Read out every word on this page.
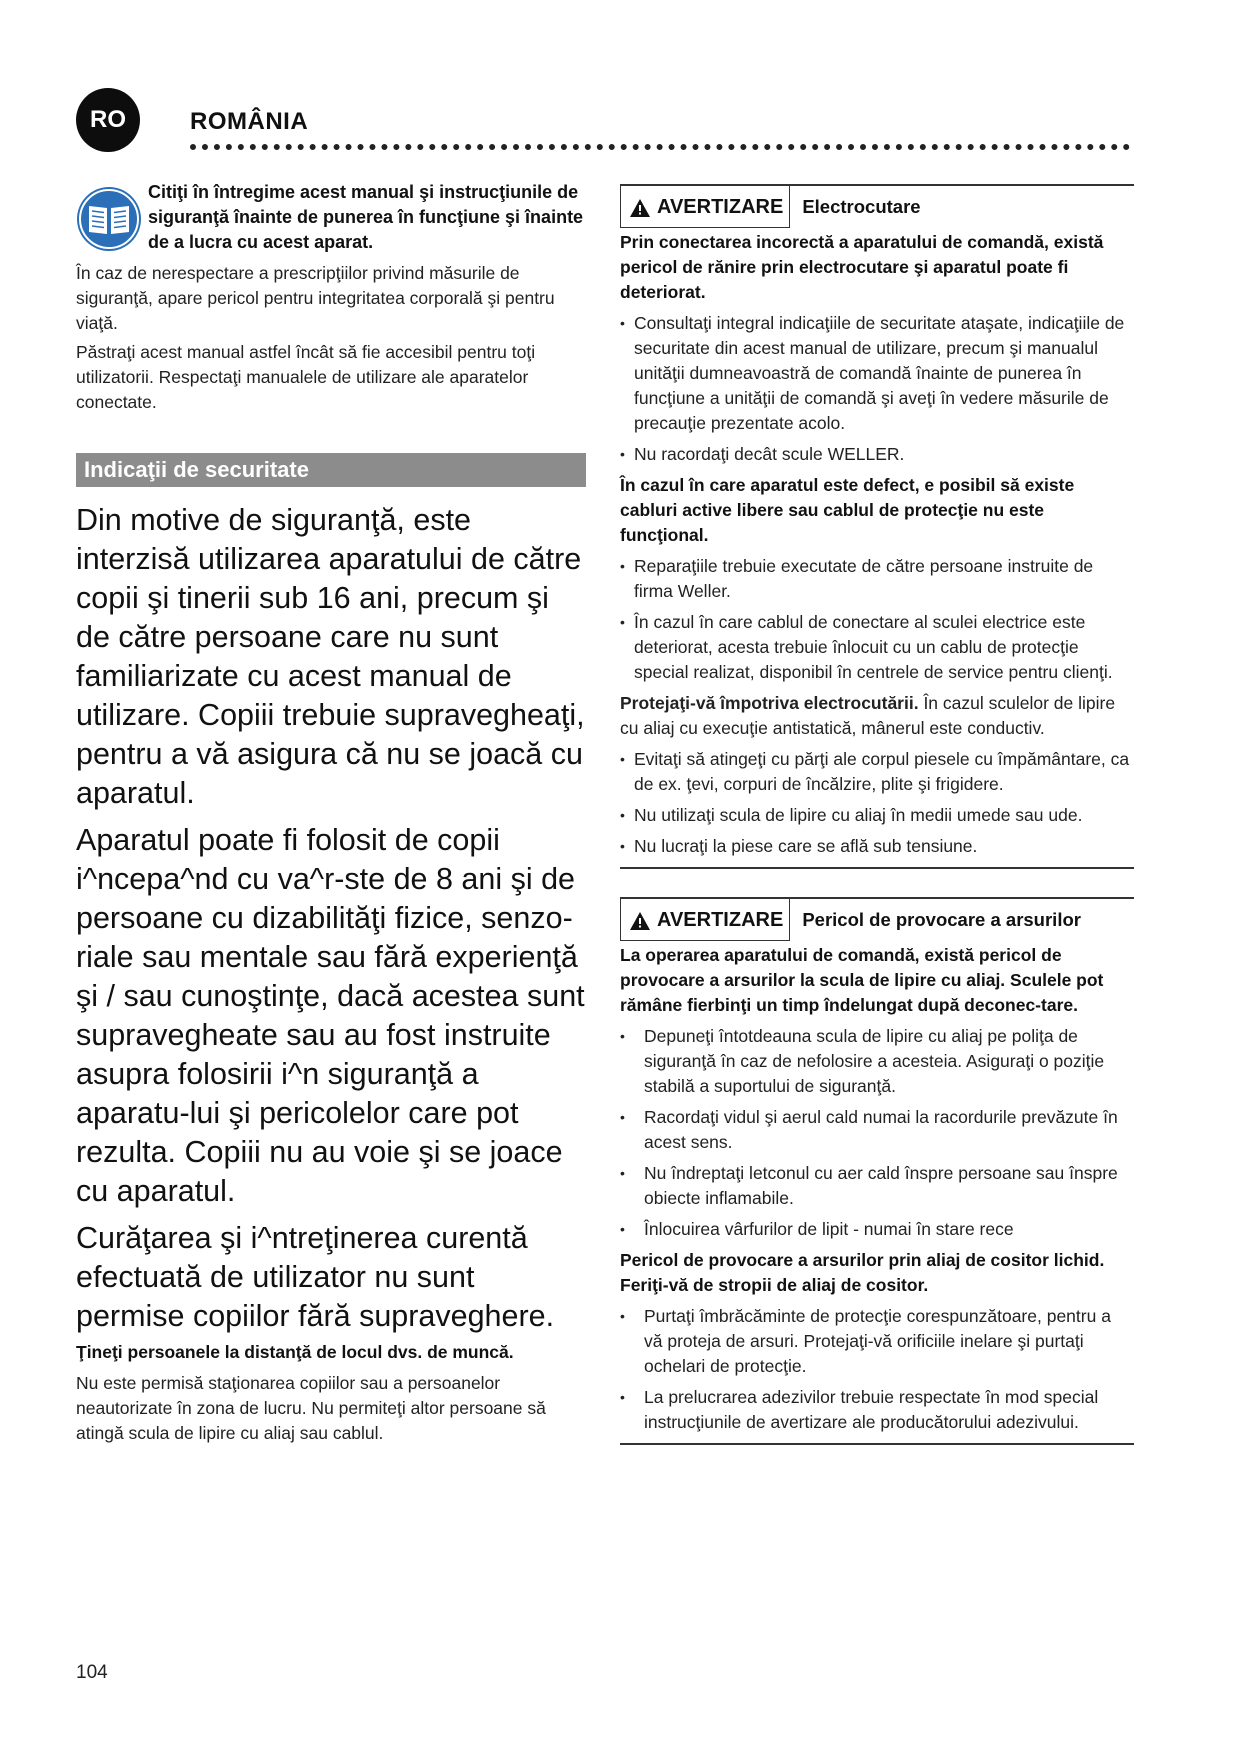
RO	ROMÂNIA
Citiţi în întregime acest manual şi instrucţiunile de siguranţă înainte de punerea în funcţiune şi înainte de a lucra cu acest aparat.

În caz de nerespectare a prescripţiilor privind măsurile de siguranţă, apare pericol pentru integritatea corporală şi pentru viaţă.

Păstraţi acest manual astfel încât să fie accesibil pentru toţi utilizatorii. Respectaţi manualele de utilizare ale aparatelor conectate.

Indicaţii de securitate

Din motive de siguranţă, este interzisă utilizarea aparatului de către copii şi tinerii sub 16 ani, precum şi de către persoane care nu sunt familiarizate cu acest manual de utilizare. Copiii trebuie supravegheaţi, pentru a vă asigura că nu se joacă cu aparatul.

Aparatul poate fi folosit de copii i^ncepa^nd cu va^r-ste de 8 ani şi de persoane cu dizabilităţi fizice, senzo-riale sau mentale sau fără experienţă şi / sau cunoştinţe, dacă acestea sunt supravegheate sau au fost instruite asupra folosirii i^n siguranţă a aparatu-lui şi pericolelor care pot rezulta. Copiii nu au voie şi se joace cu aparatul.

Curăţarea şi i^ntreţinerea curentă efectuată de utilizator nu sunt permise copiilor fără supraveghere.

Ţineţi persoanele la distanţă de locul dvs. de muncă.

Nu este permisă staţionarea copiilor sau a persoanelor neautorizate în zona de lucru. Nu permiteţi altor persoane să atingă scula de lipire cu aliaj sau cablul.

AVERTIZARE	Electrocutare

Prin conectarea incorectă a aparatului de comandă, există pericol de rănire prin electrocutare şi aparatul poate fi deteriorat.

• Consultaţi integral indicaţiile de securitate ataşate, indicaţiile de securitate din acest manual de utilizare, precum şi manualul unităţii dumneavoastră de comandă înainte de punerea în funcţiune a unităţii de comandă şi aveţi în vedere măsurile de precauţie prezentate acolo.
• Nu racordaţi decât scule WELLER.

În cazul în care aparatul este defect, e posibil să existe cabluri active libere sau cablul de protecţie nu este funcţional.

• Reparaţiile trebuie executate de către persoane instruite de firma Weller.
• În cazul în care cablul de conectare al sculei electrice este deteriorat, acesta trebuie înlocuit cu un cablu de protecţie special realizat, disponibil în centrele de service pentru clienţi.

Protejaţi-vă împotriva electrocutării. În cazul sculelor de lipire cu aliaj cu execuţie antistatică, mânerul este conductiv.

• Evitaţi să atingeţi cu părţi ale corpul piesele cu împământare, ca de ex. ţevi, corpuri de încălzire, plite şi frigidere.
• Nu utilizaţi scula de lipire cu aliaj în medii umede sau ude.
• Nu lucraţi la piese care se află sub tensiune.
AVERTIZARE	Pericol de provocare a arsurilor

La operarea aparatului de comandă, există pericol de provocare a arsurilor la scula de lipire cu aliaj. Sculele pot rămâne fierbinţi un timp îndelungat după deconec-tare.

• Depuneţi întotdeauna scula de lipire cu aliaj pe poliţa de siguranţă în caz de nefolosire a acesteia. Asiguraţi o poziţie stabilă a suportului de siguranţă.
• Racordaţi vidul şi aerul cald numai la racordurile prevăzute în acest sens.
• Nu îndreptaţi letconul cu aer cald înspre persoane sau înspre obiecte inflamabile.
• Înlocuirea vârfurilor de lipit - numai în stare rece

Pericol de provocare a arsurilor prin aliaj de cositor lichid. Feriţi-vă de stropii de aliaj de cositor.

• Purtaţi îmbrăcăminte de protecţie corespunzătoare, pentru a vă proteja de arsuri. Protejaţi-vă orificiile inelare şi purtaţi ochelari de protecţie.
• La prelucrarea adezivilor trebuie respectate în mod special instrucţiunile de avertizare ale producătorului adezivului.
104
